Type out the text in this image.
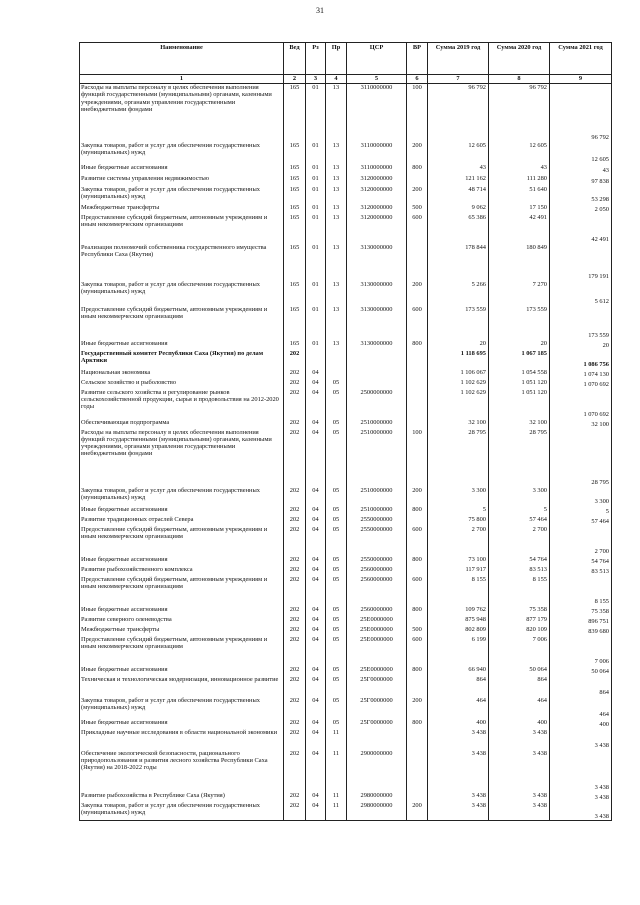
31
Наименование	Вед	Рз	Пр	ЦСР	ВР	Сумма 2019 год	Сумма 2020 год	Сумма 2021 год
1	2	3	4	5	6	7	8	9
Расходы на выплаты персоналу в целях обеспечения выполнения функций государственными (муниципальными) органами, казенными учреждениями, органами управления государственными внебюджетными фондами	165	01	13	3110000000	100	96 792	96 792	96 792
Закупка товаров, работ и услуг для обеспечения государственных (муниципальных) нужд	165	01	13	3110000000	200	12 605	12 605	12 605
Иные бюджетные ассигнования	165	01	13	3110000000	800	43	43	43
Развитие системы управления недвижимостью	165	01	13	3120000000		121 162	111 280	97 838
Закупка товаров, работ и услуг для обеспечения государственных (муниципальных) нужд	165	01	13	3120000000	200	48 714	51 640	53 298
Межбюджетные трансферты	165	01	13	3120000000	500	9 062	17 150	2 050
Предоставление субсидий бюджетным, автономным учреждениям и иным некоммерческим организациям	165	01	13	3120000000	600	65 386	42 491	42 491
Реализация полномочий собственника государственного имущества Республики Саха (Якутия)	165	01	13	3130000000		178 844	180 849	179 191
Закупка товаров, работ и услуг для обеспечения государственных (муниципальных) нужд	165	01	13	3130000000	200	5 266	7 270	5 612
Предоставление субсидий бюджетным, автономным учреждениям и иным некоммерческим организациям	165	01	13	3130000000	600	173 559	173 559	173 559
Иные бюджетные ассигнования	165	01	13	3130000000	800	20	20	20
Государственный комитет Республики Саха (Якутия) по делам Арктики	202					1 118 695	1 067 185	1 086 756
Национальная экономика	202	04				1 106 067	1 054 558	1 074 130
Сельское хозяйство и рыболовство	202	04	05			1 102 629	1 051 120	1 070 692
Развитие сельского хозяйства и регулирование рынков сельскохозяйственной продукции, сырья и продовольствия на 2012-2020 годы	202	04	05	2500000000		1 102 629	1 051 120	1 070 692
Обеспечивающая подпрограмма	202	04	05	2510000000		32 100	32 100	32 100
Расходы на выплаты персоналу в целях обеспечения выполнения функций государственными (муниципальными) органами, казенными учреждениями, органами управления государственными внебюджетными фондами	202	04	05	2510000000	100	28 795	28 795	28 795
Закупка товаров, работ и услуг для обеспечения государственных (муниципальных) нужд	202	04	05	2510000000	200	3 300	3 300	3 300
Иные бюджетные ассигнования	202	04	05	2510000000	800	5	5	5
Развитие традиционных отраслей Севера	202	04	05	2550000000		75 800	57 464	57 464
Предоставление субсидий бюджетным, автономным учреждениям и иным некоммерческим организациям	202	04	05	2550000000	600	2 700	2 700	2 700
Иные бюджетные ассигнования	202	04	05	2550000000	800	73 100	54 764	54 764
Развитие рыбохозяйственного комплекса	202	04	05	2560000000		117 917	83 513	83 513
Предоставление субсидий бюджетным, автономным учреждениям и иным некоммерческим организациям	202	04	05	2560000000	600	8 155	8 155	8 155
Иные бюджетные ассигнования	202	04	05	2560000000	800	109 762	75 358	75 358
Развитие северного оленеводства	202	04	05	25E0000000		875 948	877 179	896 751
Межбюджетные трансферты	202	04	05	25E0000000	500	802 809	820 109	839 680
Предоставление субсидий бюджетным, автономным учреждениям и иным некоммерческим организациям	202	04	05	25E0000000	600	6 199	7 006	7 006
Иные бюджетные ассигнования	202	04	05	25E0000000	800	66 940	50 064	50 064
Техническая и технологическая модернизация, инновационное развитие	202	04	05	25Г0000000		864	864	864
Закупка товаров, работ и услуг для обеспечения государственных (муниципальных) нужд	202	04	05	25Г0000000	200	464	464	464
Иные бюджетные ассигнования	202	04	05	25Г0000000	800	400	400	400
Прикладные научные исследования в области национальной экономики	202	04	11			3 438	3 438	3 438
Обеспечение экологической безопасности, рационального природопользования и развития лесного хозяйства Республики Саха (Якутия) на 2018-2022 годы	202	04	11	2900000000		3 438	3 438	3 438
Развитие рыбохозяйства в Республике Саха (Якутия)	202	04	11	2980000000		3 438	3 438	3 438
Закупка товаров, работ и услуг для обеспечения государственных (муниципальных) нужд	202	04	11	2980000000	200	3 438	3 438	3 438
